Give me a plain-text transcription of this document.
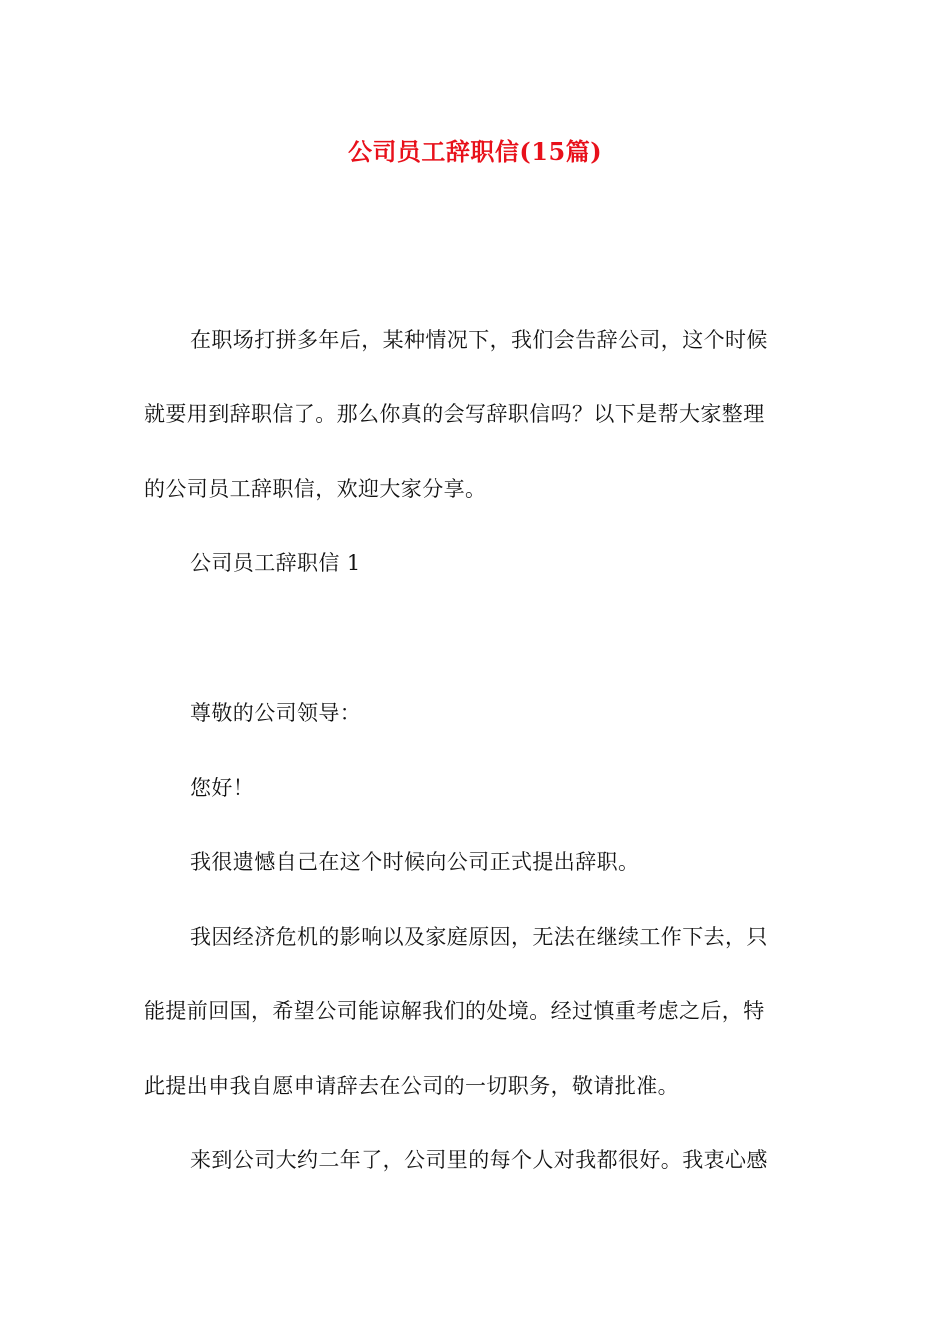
公司员工辞职信(15篇)
在职场打拼多年后，某种情况下，我们会告辞公司，这个时候
就要用到辞职信了。那么你真的会写辞职信吗？以下是帮大家整理
的公司员工辞职信，欢迎大家分享。
公司员工辞职信 1
尊敬的公司领导：
您好！
我很遗憾自己在这个时候向公司正式提出辞职。
我因经济危机的影响以及家庭原因，无法在继续工作下去，只
能提前回国，希望公司能谅解我们的处境。经过慎重考虑之后，特
此提出申我自愿申请辞去在公司的一切职务，敬请批准。
来到公司大约二年了，公司里的每个人对我都很好。我衷心感
